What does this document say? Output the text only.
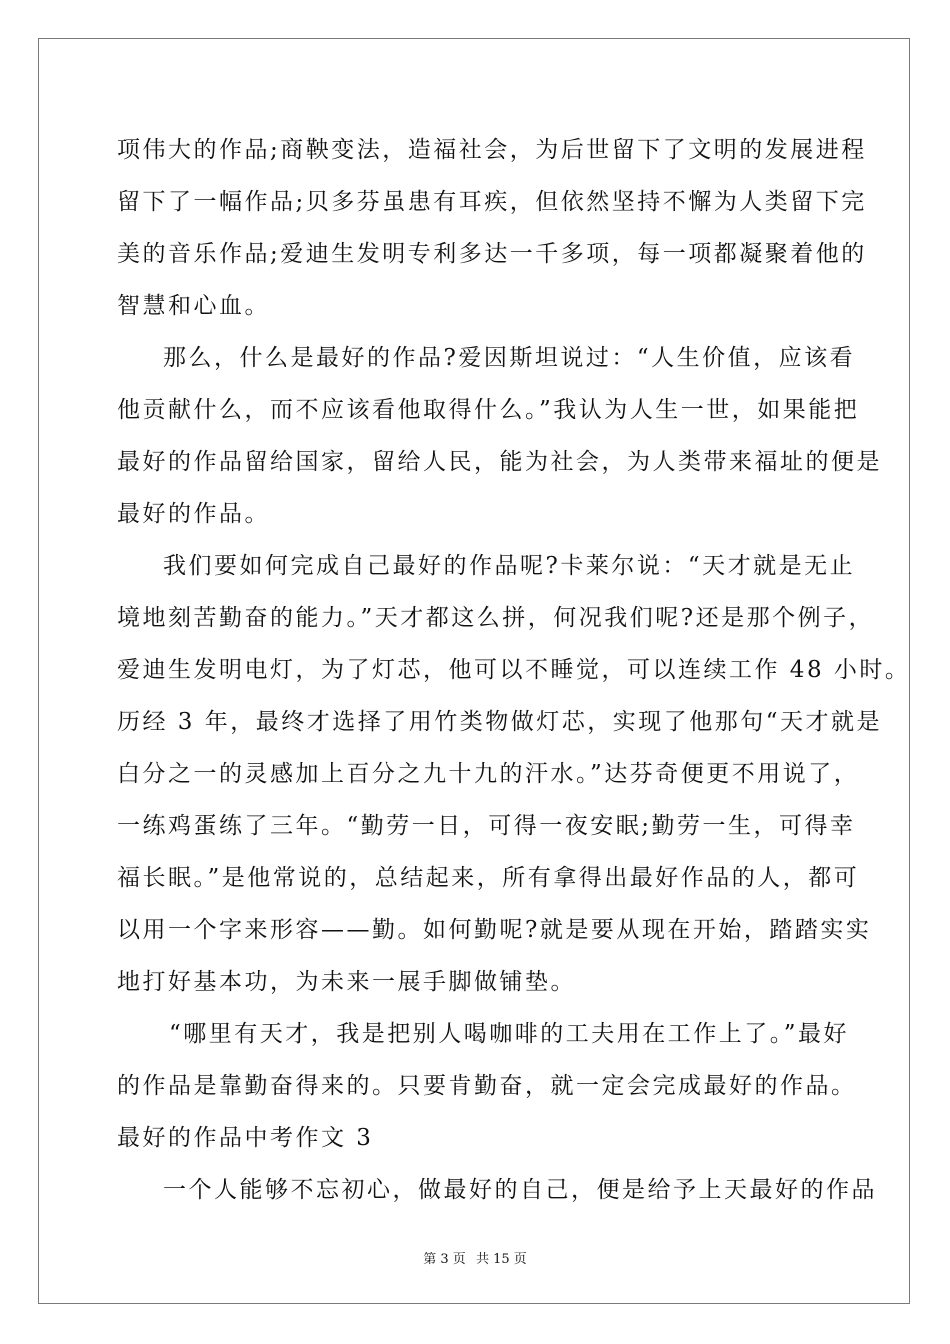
项伟大的作品;商鞅变法，造福社会，为后世留下了文明的发展进程
留下了一幅作品;贝多芬虽患有耳疾，但依然坚持不懈为人类留下完
美的音乐作品;爱迪生发明专利多达一千多项，每一项都凝聚着他的
智慧和心血。
那么，什么是最好的作品?爱因斯坦说过：“人生价值，应该看
他贡献什么，而不应该看他取得什么。”我认为人生一世，如果能把
最好的作品留给国家，留给人民，能为社会，为人类带来福址的便是
最好的作品。
我们要如何完成自己最好的作品呢?卡莱尔说：“天才就是无止
境地刻苦勤奋的能力。”天才都这么拼，何况我们呢?还是那个例子，
爱迪生发明电灯，为了灯芯，他可以不睡觉，可以连续工作 48 小时。
历经 3 年，最终才选择了用竹类物做灯芯，实现了他那句“天才就是
白分之一的灵感加上百分之九十九的汗水。”达芬奇便更不用说了，
一练鸡蛋练了三年。“勤劳一日，可得一夜安眠;勤劳一生，可得幸
福长眠。”是他常说的，总结起来，所有拿得出最好作品的人，都可
以用一个字来形容——勤。如何勤呢?就是要从现在开始，踏踏实实
地打好基本功，为未来一展手脚做铺垫。
“哪里有天才，我是把别人喝咖啡的工夫用在工作上了。”最好
的作品是靠勤奋得来的。只要肯勤奋，就一定会完成最好的作品。
最好的作品中考作文 3
一个人能够不忘初心，做最好的自己，便是给予上天最好的作品
第 3 页 共 15 页
